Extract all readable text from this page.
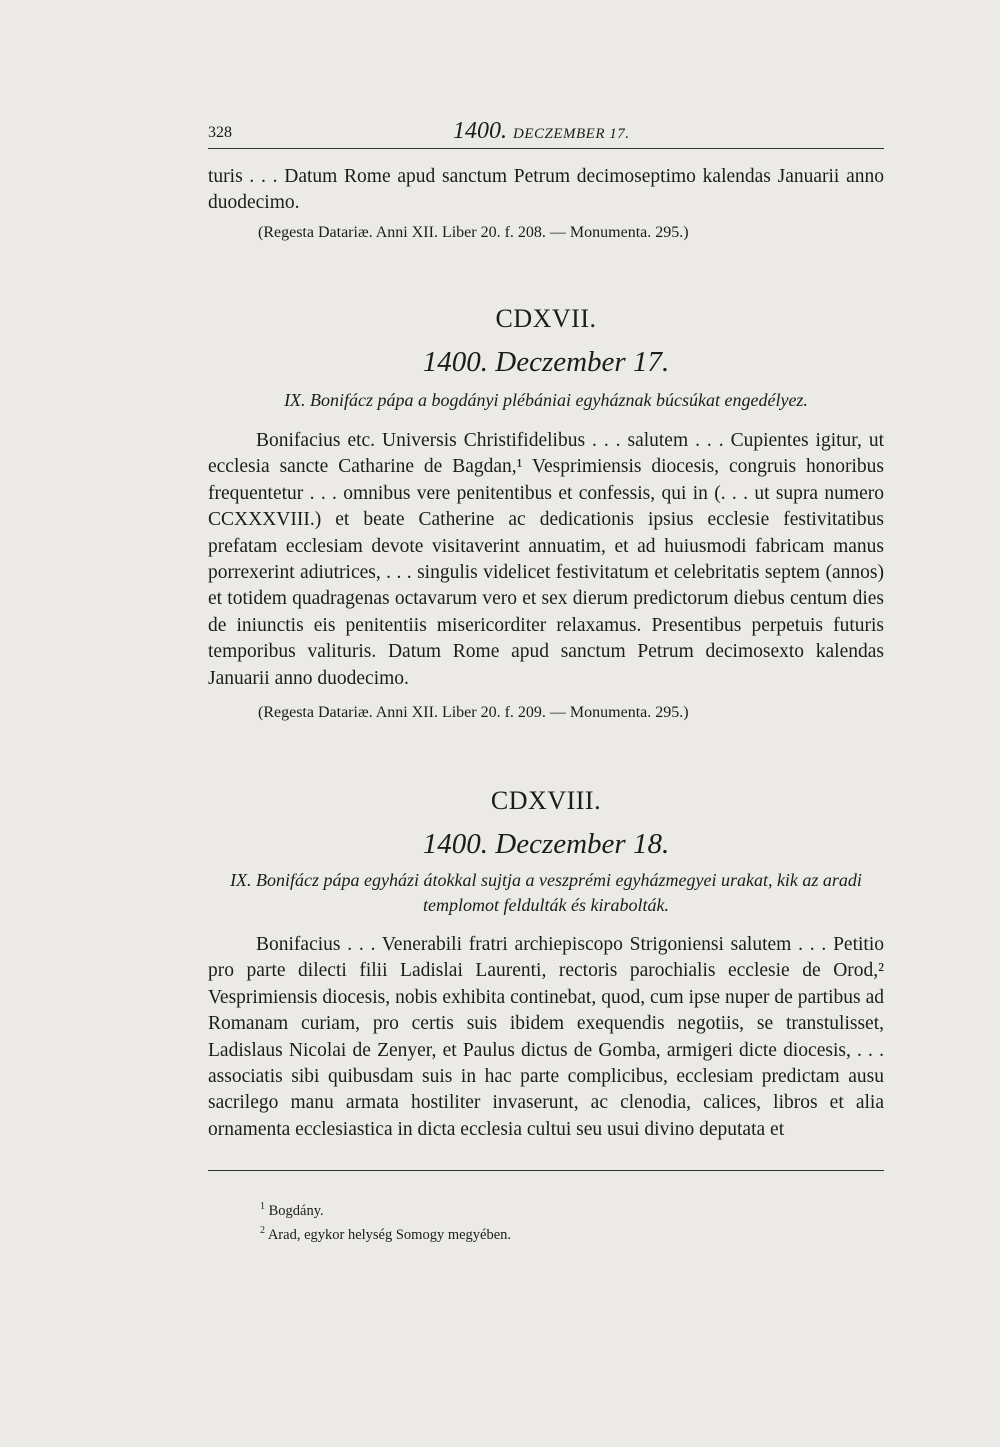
328	1400. DECZEMBER 17.
turis . . . Datum Rome apud sanctum Petrum decimoseptimo kalendas Januarii anno duodecimo.
(Regesta Datariæ. Anni XII. Liber 20. f. 208. — Monumenta. 295.)
CDXVII.
1400. Deczember 17.
IX. Bonifácz pápa a bogdányi plébániai egyháznak búcsúkat engedélyez.
Bonifacius etc. Universis Christifidelibus . . . salutem . . . Cupientes igitur, ut ecclesia sancte Catharine de Bagdan,¹ Vesprimiensis diocesis, congruis honoribus frequentetur . . . omnibus vere penitentibus et confessis, qui in (. . . ut supra numero CCXXXVIII.) et beate Catherine ac dedicationis ipsius ecclesie festivitatibus prefatam ecclesiam devote visitaverint annuatim, et ad huiusmodi fabricam manus porrexerint adiutrices, . . . singulis videlicet festivitatum et celebritatis septem (annos) et totidem quadragenas octavarum vero et sex dierum predictorum diebus centum dies de iniunctis eis penitentiis misericorditer relaxamus. Presentibus perpetuis futuris temporibus valituris. Datum Rome apud sanctum Petrum decimosexto kalendas Januarii anno duodecimo.
(Regesta Datariæ. Anni XII. Liber 20. f. 209. — Monumenta. 295.)
CDXVIII.
1400. Deczember 18.
IX. Bonifácz pápa egyházi átokkal sujtja a veszprémi egyházmegyei urakat, kik az aradi
templomot feldulták és kirabolták.
Bonifacius . . . Venerabili fratri archiepiscopo Strigoniensi salutem . . . Petitio pro parte dilecti filii Ladislai Laurenti, rectoris parochialis ecclesie de Orod,² Vesprimiensis diocesis, nobis exhibita continebat, quod, cum ipse nuper de partibus ad Romanam curiam, pro certis suis ibidem exequendis negotiis, se transtulisset, Ladislaus Nicolai de Zenyer, et Paulus dictus de Gomba, armigeri dicte diocesis, . . . associatis sibi quibusdam suis in hac parte complicibus, ecclesiam predictam ausu sacrilego manu armata hostiliter invaserunt, ac clenodia, calices, libros et alia ornamenta ecclesiastica in dicta ecclesia cultui seu usui divino deputata et
$^1$ Bogdány.
$^2$ Arad, egykor helység Somogy megyében.
